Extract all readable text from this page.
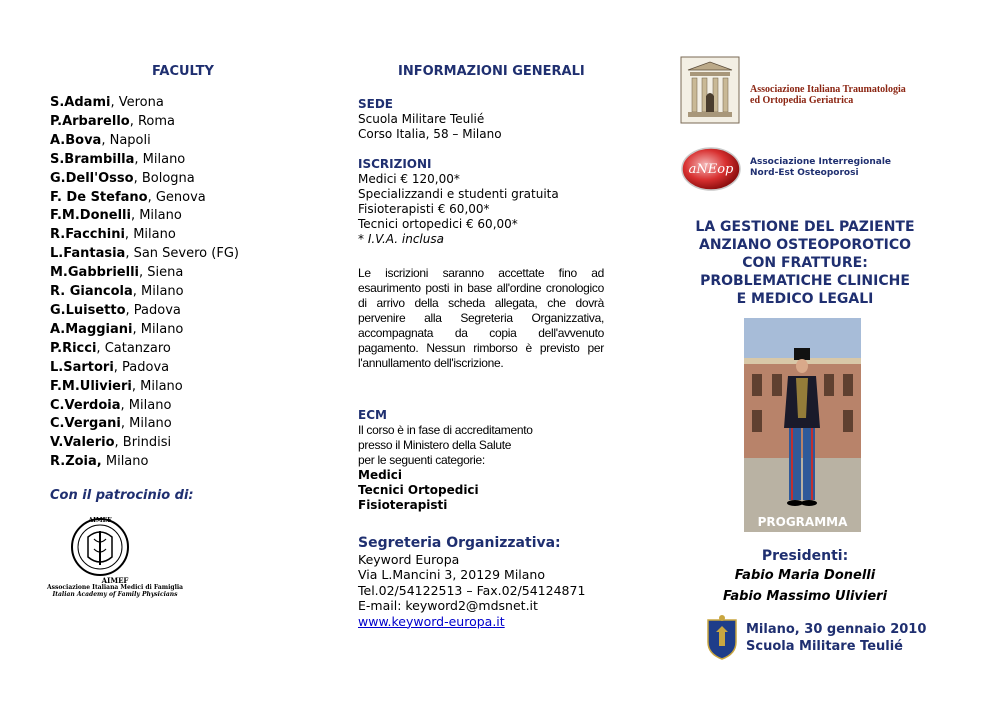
FACULTY
S.Adami, Verona
P.Arbarello, Roma
A.Bova, Napoli
S.Brambilla, Milano
G.Dell'Osso, Bologna
F. De Stefano, Genova
F.M.Donelli, Milano
R.Facchini, Milano
L.Fantasia, San Severo (FG)
M.Gabbrielli, Siena
R. Giancola, Milano
G.Luisetto, Padova
A.Maggiani, Milano
P.Ricci, Catanzaro
L.Sartori, Padova
F.M.Ulivieri, Milano
C.Verdoia, Milano
C.Vergani, Milano
V.Valerio, Brindisi
R.Zoia, Milano
Con il patrocinio di:
AIMEF
AIMEF
Associazione Italiana Medici di Famiglia
Italian Academy of Family Physicians
INFORMAZIONI GENERALI
SEDE
Scuola Militare Teulié
Corso Italia, 58 – Milano
ISCRIZIONI
Medici € 120,00*
Specializzandi e studenti gratuita
Fisioterapisti € 60,00*
Tecnici ortopedici € 60,00*
* I.V.A. inclusa
Le iscrizioni saranno accettate fino ad esaurimento posti in base all'ordine cronologico di arrivo della scheda allegata, che dovrà pervenire alla Segreteria Organizzativa, accompagnata da copia dell'avvenuto pagamento. Nessun rimborso è previsto per l'annullamento dell'iscrizione.
ECM
Il corso è in fase di accreditamento
presso il Ministero della Salute
per le seguenti categorie:
Medici
Tecnici Ortopedici
Fisioterapisti
Segreteria Organizzativa:
Keyword Europa
Via L.Mancini 3, 20129 Milano
Tel.02/54122513 – Fax.02/54124871
E-mail: keyword2@mdsnet.it
www.keyword-europa.it
Associazione Italiana Traumatologia
ed Ortopedia Geriatrica
aNEop Associazione Interregionale
Nord-Est Osteoporosi
LA GESTIONE DEL PAZIENTE
ANZIANO OSTEOPOROTICO
CON FRATTURE:
PROBLEMATICHE CLINICHE
E MEDICO LEGALI
PROGRAMMA
Presidenti:
Fabio Maria Donelli
Fabio Massimo Ulivieri
Milano, 30 gennaio 2010
Scuola Militare Teulié
